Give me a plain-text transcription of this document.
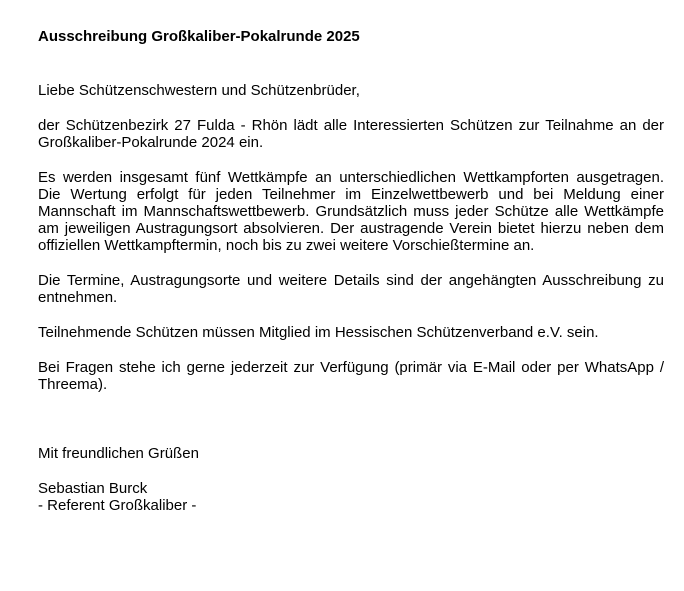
Ausschreibung Großkaliber-Pokalrunde 2025

Liebe Schützenschwestern und Schützenbrüder,

der Schützenbezirk 27 Fulda - Rhön lädt alle Interessierten Schützen zur Teilnahme an der Großkaliber-Pokalrunde 2024 ein.

Es werden insgesamt fünf Wettkämpfe an unterschiedlichen Wettkampforten ausgetragen. Die Wertung erfolgt für jeden Teilnehmer im Einzelwettbewerb und bei Meldung einer Mannschaft im Mannschaftswettbewerb. Grundsätzlich muss jeder Schütze alle Wettkämpfe am jeweiligen Austragungsort absolvieren. Der austragende Verein bietet hierzu neben dem offiziellen Wettkampftermin, noch bis zu zwei weitere Vorschießtermine an.

Die Termine, Austragungsorte und weitere Details sind der angehängten Ausschreibung zu entnehmen.

Teilnehmende Schützen müssen Mitglied im Hessischen Schützenverband e.V. sein.

Bei Fragen stehe ich gerne jederzeit zur Verfügung (primär via E-Mail oder per WhatsApp / Threema).

Mit freundlichen Grüßen

Sebastian Burck

- Referent Großkaliber -
